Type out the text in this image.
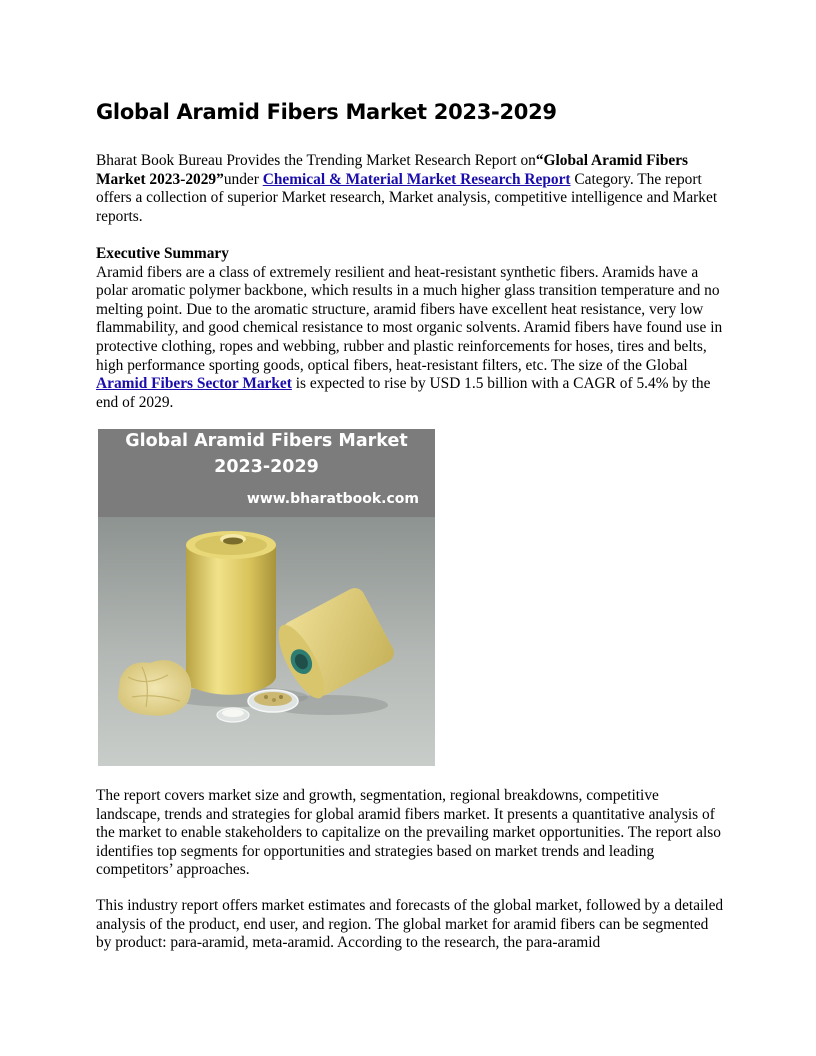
Global Aramid Fibers Market 2023-2029

Bharat Book Bureau Provides the Trending Market Research Report on“Global Aramid Fibers Market 2023-2029”under Chemical & Material Market Research Report Category. The report offers a collection of superior Market research, Market analysis, competitive intelligence and Market reports.

Executive Summary
Aramid fibers are a class of extremely resilient and heat-resistant synthetic fibers. Aramids have a polar aromatic polymer backbone, which results in a much higher glass transition temperature and no melting point. Due to the aromatic structure, aramid fibers have excellent heat resistance, very low flammability, and good chemical resistance to most organic solvents. Aramid fibers have found use in protective clothing, ropes and webbing, rubber and plastic reinforcements for hoses, tires and belts, high performance sporting goods, optical fibers, heat-resistant filters, etc. The size of the Global Aramid Fibers Sector Market is expected to rise by USD 1.5 billion with a CAGR of 5.4% by the end of 2029.
Global Aramid Fibers Market
2023-2029
www.bharatbook.com

The report covers market size and growth, segmentation, regional breakdowns, competitive landscape, trends and strategies for global aramid fibers market. It presents a quantitative analysis of the market to enable stakeholders to capitalize on the prevailing market opportunities. The report also identifies top segments for opportunities and strategies based on market trends and leading competitors’ approaches.

This industry report offers market estimates and forecasts of the global market, followed by a detailed analysis of the product, end user, and region. The global market for aramid fibers can be segmented by product: para-aramid, meta-aramid. According to the research, the para-aramid
